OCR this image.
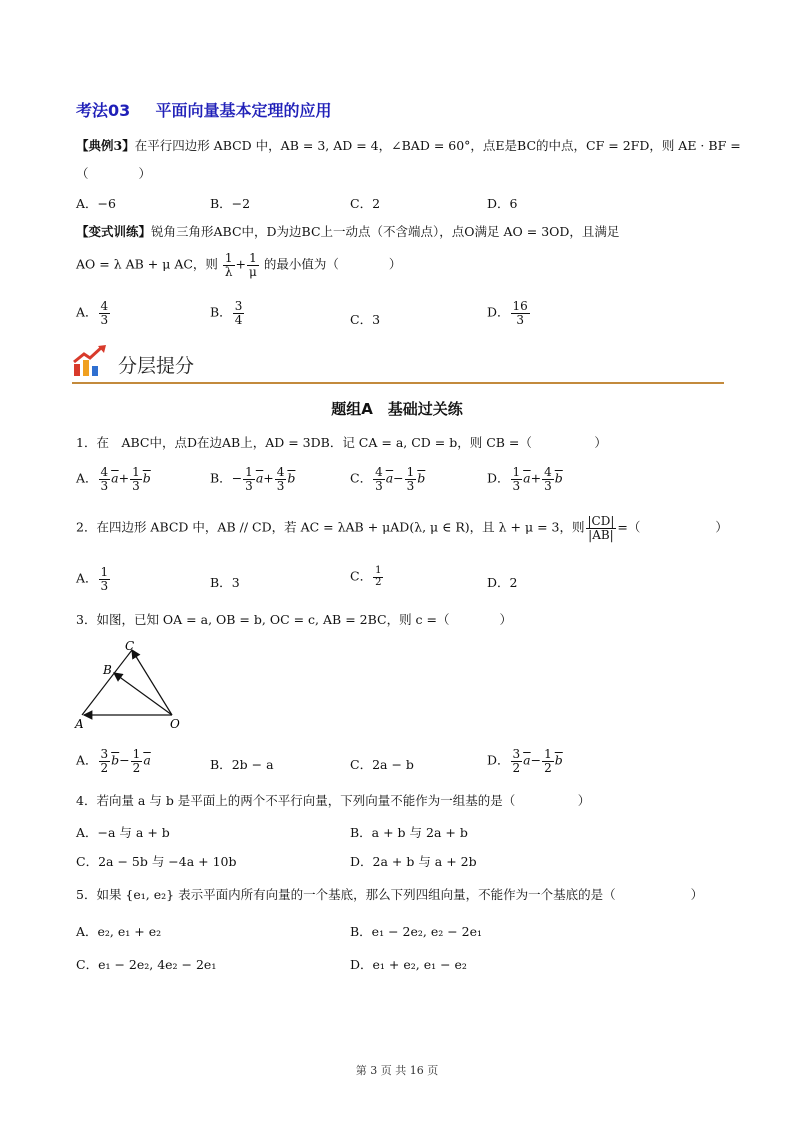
考法03 平面向量基本定理的应用
【典例3】在平行四边形 ABCD 中，AB = 3, AD = 4，∠BAD = 60°，点E是BC的中点，CF = 2FD，则 AE · BF =
（　　　　）
A．−6	B．−2	C．2	D．6
【变式训练】锐角三角形ABC中，D为边BC上一动点（不含端点），点O满足 AO = 3OD，且满足
AO = λ AB + μ AC，则 $\frac{1}{\lambda} + \frac{1}{\mu}$ 的最小值为（　　　　）
A． $\frac{4}{3}$	B． $\frac{3}{4}$	C．3	D． $\frac{16}{3}$
分层提分
题组A　基础过关练
1．在　ABC中，点D在边AB上，AD = 3DB．记 CA = a, CD = b，则 CB =（　　　　　）
A． $\frac{4}{3} \overline{a}+ \frac{1}{3} \overline{b}$	B．− $\frac{1}{3} \overline{a}+ \frac{4}{3} \overline{b}$	C． $\frac{4}{3} \overline{a}- \frac{1}{3} \overline{b}$	D． $\frac{1}{3} \overline{a}+ \frac{4}{3} \overline{b}$
2．在四边形 ABCD 中，AB // CD，若 AC = λAB + μAD(λ, μ ∈ R)，且 λ + μ = 3，则 $\frac{|CD|}{|AB|}$ =（　　　　　　）
A． $\frac{1}{3}$	B．3	C． $\frac{1}{2}$	D．2
3．如图，已知 OA = a, OB = b, OC = c, AB = 2BC，则 c =（　　　　）
C
B
A	O
A． $\frac{3}{2} \overline{b}- \frac{1}{2} \overline{a}$	B．2b − a	C．2a − b	D． $\frac{3}{2} \overline{a}- \frac{1}{2} \overline{b}$
4．若向量 a 与 b 是平面上的两个不平行向量，下列向量不能作为一组基的是（　　　　　）
A．−a 与 a + b	B．a + b 与 2a + b
C．2a − 5b 与 −4a + 10b	D．2a + b 与 a + 2b
5．如果 {e₁, e₂} 表示平面内所有向量的一个基底，那么下列四组向量，不能作为一个基底的是（　　　　　　）
A．e₂, e₁ + e₂	B．e₁ − 2e₂, e₂ − 2e₁
C．e₁ − 2e₂, 4e₂ − 2e₁	D．e₁ + e₂, e₁ − e₂
第 3 页 共 16 页
